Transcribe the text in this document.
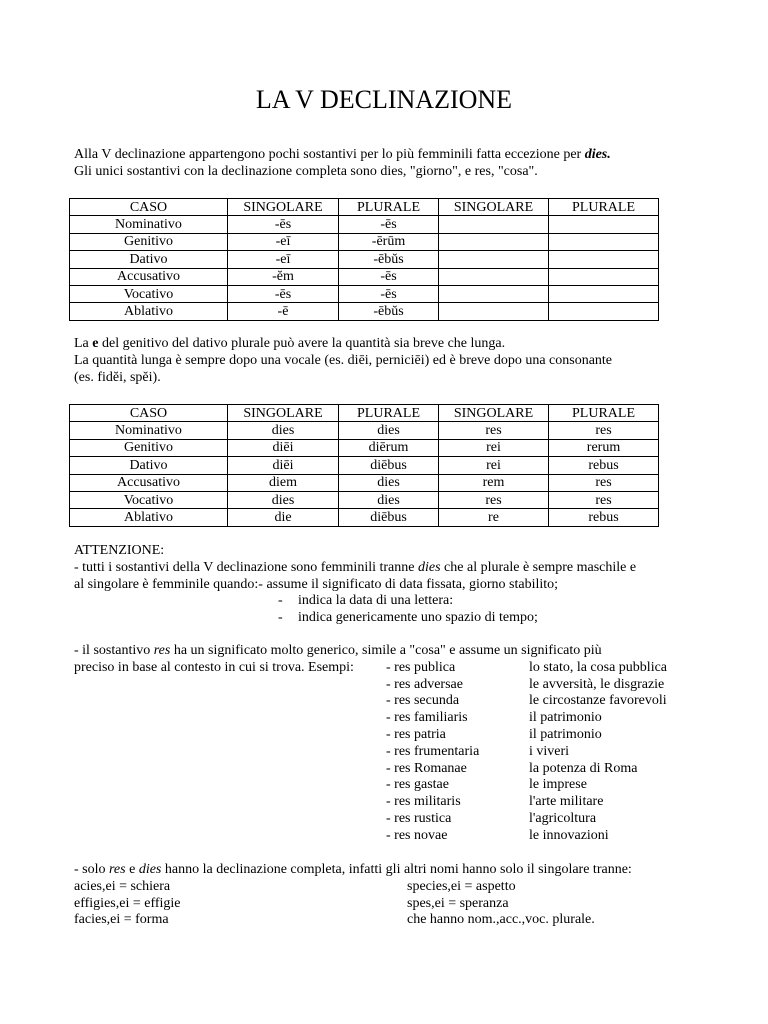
LA V DECLINAZIONE
Alla V declinazione appartengono pochi sostantivi per lo più femminili fatta eccezione per dies.
Gli unici sostantivi con la declinazione completa sono dies, "giorno", e res, "cosa".
CASO	SINGOLARE	PLURALE	SINGOLARE	PLURALE
Nominativo	-ēs	-ēs		
Genitivo	-eī	-ērūm		
Dativo	-eī	-ēbŭs		
Accusativo	-ĕm	-ēs		
Vocativo	-ēs	-ēs		
Ablativo	-ē	-ēbŭs		
La e del genitivo del dativo plurale può avere la quantità sia breve che lunga.
La quantità lunga è sempre dopo una vocale (es. diēi, perniciēi) ed è breve dopo una consonante
(es. fidĕi, spĕi).
CASO	SINGOLARE	PLURALE	SINGOLARE	PLURALE
Nominativo	dies	dies	res	res
Genitivo	diēi	diērum	rei	rerum
Dativo	diēi	diēbus	rei	rebus
Accusativo	diem	dies	rem	res
Vocativo	dies	dies	res	res
Ablativo	die	diēbus	re	rebus
ATTENZIONE:
- tutti i sostantivi della V declinazione sono femminili tranne dies che al plurale è sempre maschile e
al singolare è femminile quando:- assume il significato di data fissata, giorno stabilito;
- indica la data di una lettera:
- indica genericamente uno spazio di tempo;
- il sostantivo res ha un significato molto generico, simile a "cosa" e assume un significato più
preciso in base al contesto in cui si trova. Esempi: - res publica	lo stato, la cosa pubblica
- res adversae	le avversità, le disgrazie
- res secunda	le circostanze favorevoli
- res familiaris	il patrimonio
- res patria	il patrimonio
- res frumentaria	i viveri
- res Romanae	la potenza di Roma
- res gastae	le imprese
- res militaris	l'arte militare
- res rustica	l'agricoltura
- res novae	le innovazioni
- solo res e dies hanno la declinazione completa, infatti gli altri nomi hanno solo il singolare tranne:
acies,ei = schiera	species,ei = aspetto
effigies,ei = effigie	spes,ei = speranza
facies,ei = forma	che hanno nom.,acc.,voc. plurale.
